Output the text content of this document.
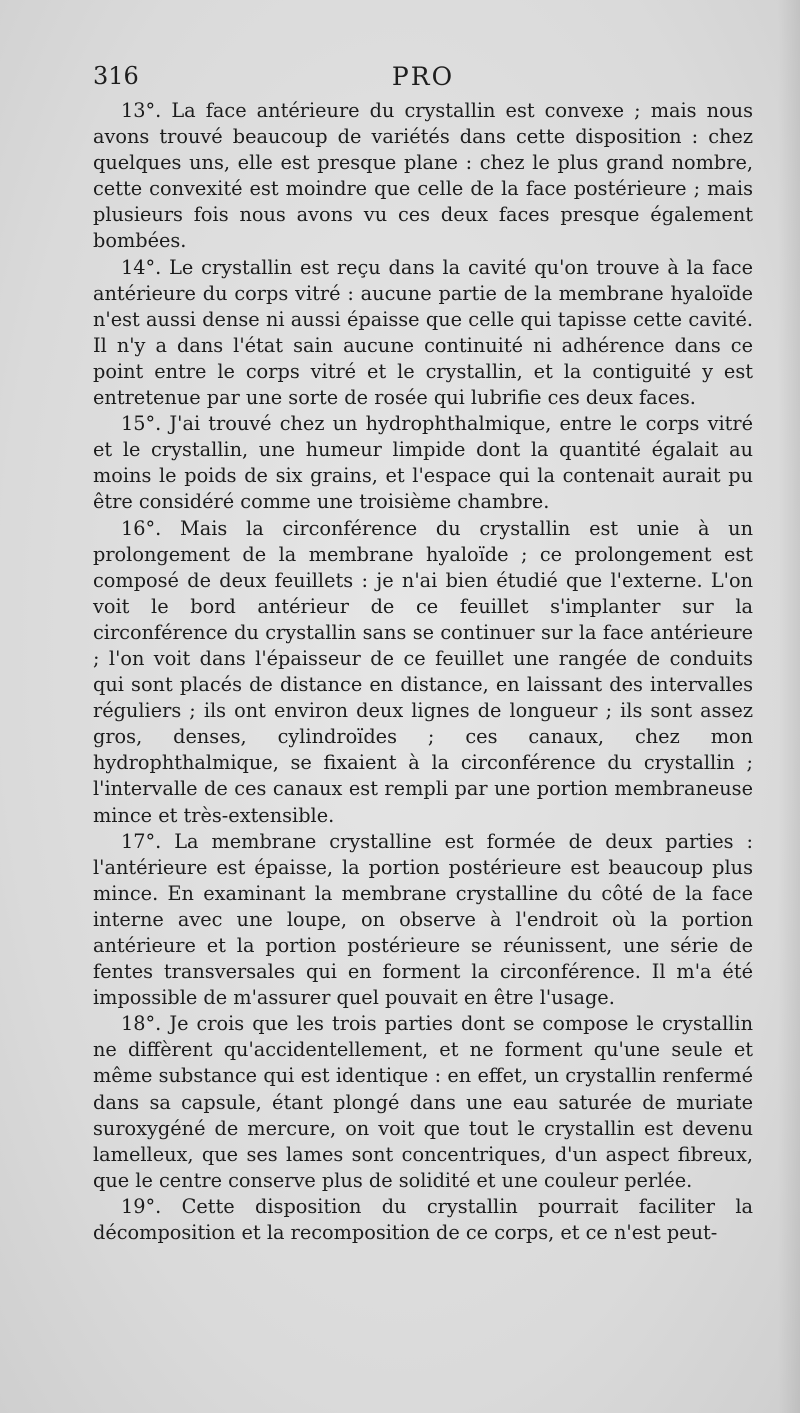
316	PRO

13°. La face antérieure du crystallin est convexe ; mais nous avons trouvé beaucoup de variétés dans cette disposition : chez quelques uns, elle est presque plane : chez le plus grand nombre, cette convexité est moindre que celle de la face postérieure ; mais plusieurs fois nous avons vu ces deux faces presque également bombées.

14°. Le crystallin est reçu dans la cavité qu'on trouve à la face antérieure du corps vitré : aucune partie de la membrane hyaloïde n'est aussi dense ni aussi épaisse que celle qui tapisse cette cavité. Il n'y a dans l'état sain aucune continuité ni adhérence dans ce point entre le corps vitré et le crystallin, et la contiguité y est entretenue par une sorte de rosée qui lubrifie ces deux faces.

15°. J'ai trouvé chez un hydrophthalmique, entre le corps vitré et le crystallin, une humeur limpide dont la quantité égalait au moins le poids de six grains, et l'espace qui la contenait aurait pu être considéré comme une troisième chambre.

16°. Mais la circonférence du crystallin est unie à un prolongement de la membrane hyaloïde ; ce prolongement est composé de deux feuillets : je n'ai bien étudié que l'externe. L'on voit le bord antérieur de ce feuillet s'implanter sur la circonférence du crystallin sans se continuer sur la face antérieure ; l'on voit dans l'épaisseur de ce feuillet une rangée de conduits qui sont placés de distance en distance, en laissant des intervalles réguliers ; ils ont environ deux lignes de longueur ; ils sont assez gros, denses, cylindroïdes ; ces canaux, chez mon hydrophthalmique, se fixaient à la circonférence du crystallin ; l'intervalle de ces canaux est rempli par une portion membraneuse mince et très-extensible.

17°. La membrane crystalline est formée de deux parties : l'antérieure est épaisse, la portion postérieure est beaucoup plus mince. En examinant la membrane crystalline du côté de la face interne avec une loupe, on observe à l'endroit où la portion antérieure et la portion postérieure se réunissent, une série de fentes transversales qui en forment la circonférence. Il m'a été impossible de m'assurer quel pouvait en être l'usage.

18°. Je crois que les trois parties dont se compose le crystallin ne diffèrent qu'accidentellement, et ne forment qu'une seule et même substance qui est identique : en effet, un crystallin renfermé dans sa capsule, étant plongé dans une eau saturée de muriate suroxygéné de mercure, on voit que tout le crystallin est devenu lamelleux, que ses lames sont concentriques, d'un aspect fibreux, que le centre conserve plus de solidité et une couleur perlée.

19°. Cette disposition du crystallin pourrait faciliter la décomposition et la recomposition de ce corps, et ce n'est peut-
